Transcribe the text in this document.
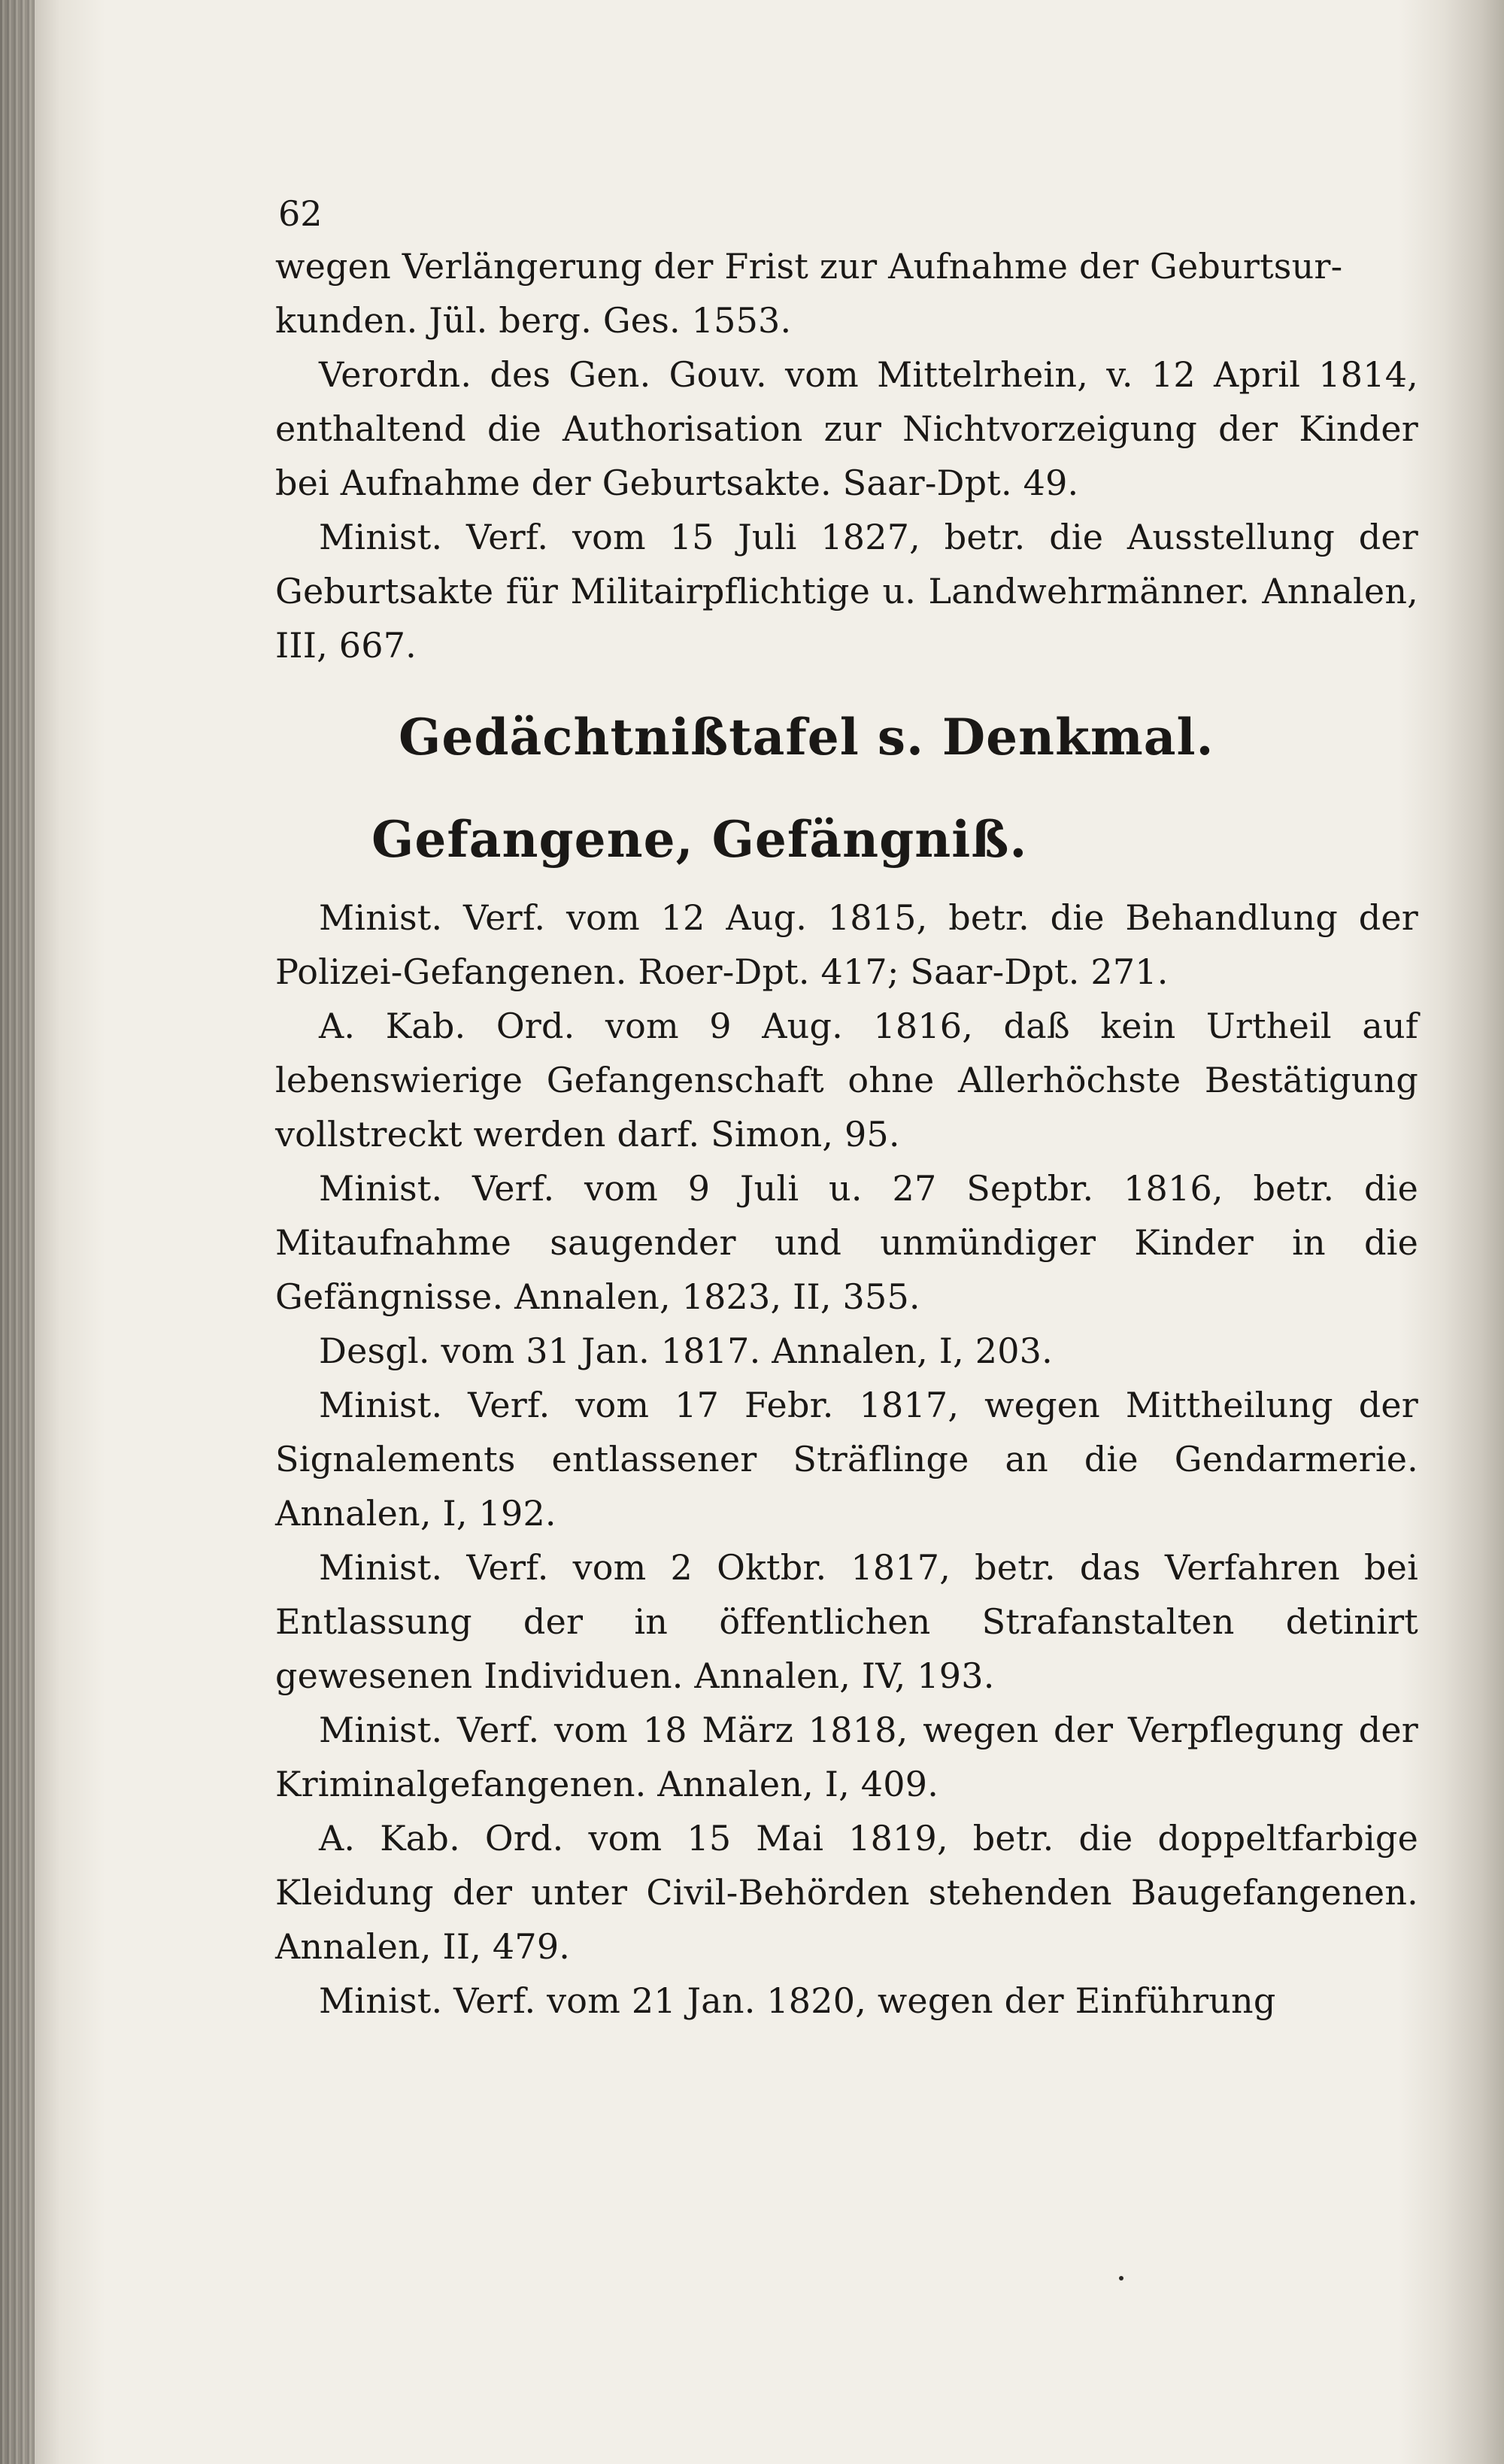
62

wegen Verlängerung der Frist zur Aufnahme der Geburtsur-

kunden. Jül. berg. Ges. 1553.

Verordn. des Gen. Gouv. vom Mittelrhein, v. 12 April 1814, enthaltend die Authorisation zur Nichtvorzeigung der Kinder bei Aufnahme der Geburtsakte. Saar-Dpt. 49.

Minist. Verf. vom 15 Juli 1827, betr. die Ausstellung der Geburtsakte für Militairpflichtige u. Landwehrmänner. Annalen, III, 667.

Gedächtnißtafel s. Denkmal.
Gefangene, Gefängniß.

Minist. Verf. vom 12 Aug. 1815, betr. die Behandlung der Polizei-Gefangenen. Roer-Dpt. 417; Saar-Dpt. 271.

A. Kab. Ord. vom 9 Aug. 1816, daß kein Urtheil auf lebenswierige Gefangenschaft ohne Allerhöchste Bestätigung vollstreckt werden darf. Simon, 95.

Minist. Verf. vom 9 Juli u. 27 Septbr. 1816, betr. die Mitaufnahme saugender und unmündiger Kinder in die Gefängnisse. Annalen, 1823, II, 355.

Desgl. vom 31 Jan. 1817. Annalen, I, 203.

Minist. Verf. vom 17 Febr. 1817, wegen Mittheilung der Signalements entlassener Sträflinge an die Gendarmerie. Annalen, I, 192.

Minist. Verf. vom 2 Oktbr. 1817, betr. das Verfahren bei Entlassung der in öffentlichen Strafanstalten detinirt gewesenen Individuen. Annalen, IV, 193.

Minist. Verf. vom 18 März 1818, wegen der Verpflegung der Kriminalgefangenen. Annalen, I, 409.

A. Kab. Ord. vom 15 Mai 1819, betr. die doppeltfarbige Kleidung der unter Civil-Behörden stehenden Baugefangenen. Annalen, II, 479.

Minist. Verf. vom 21 Jan. 1820, wegen der Einführung
